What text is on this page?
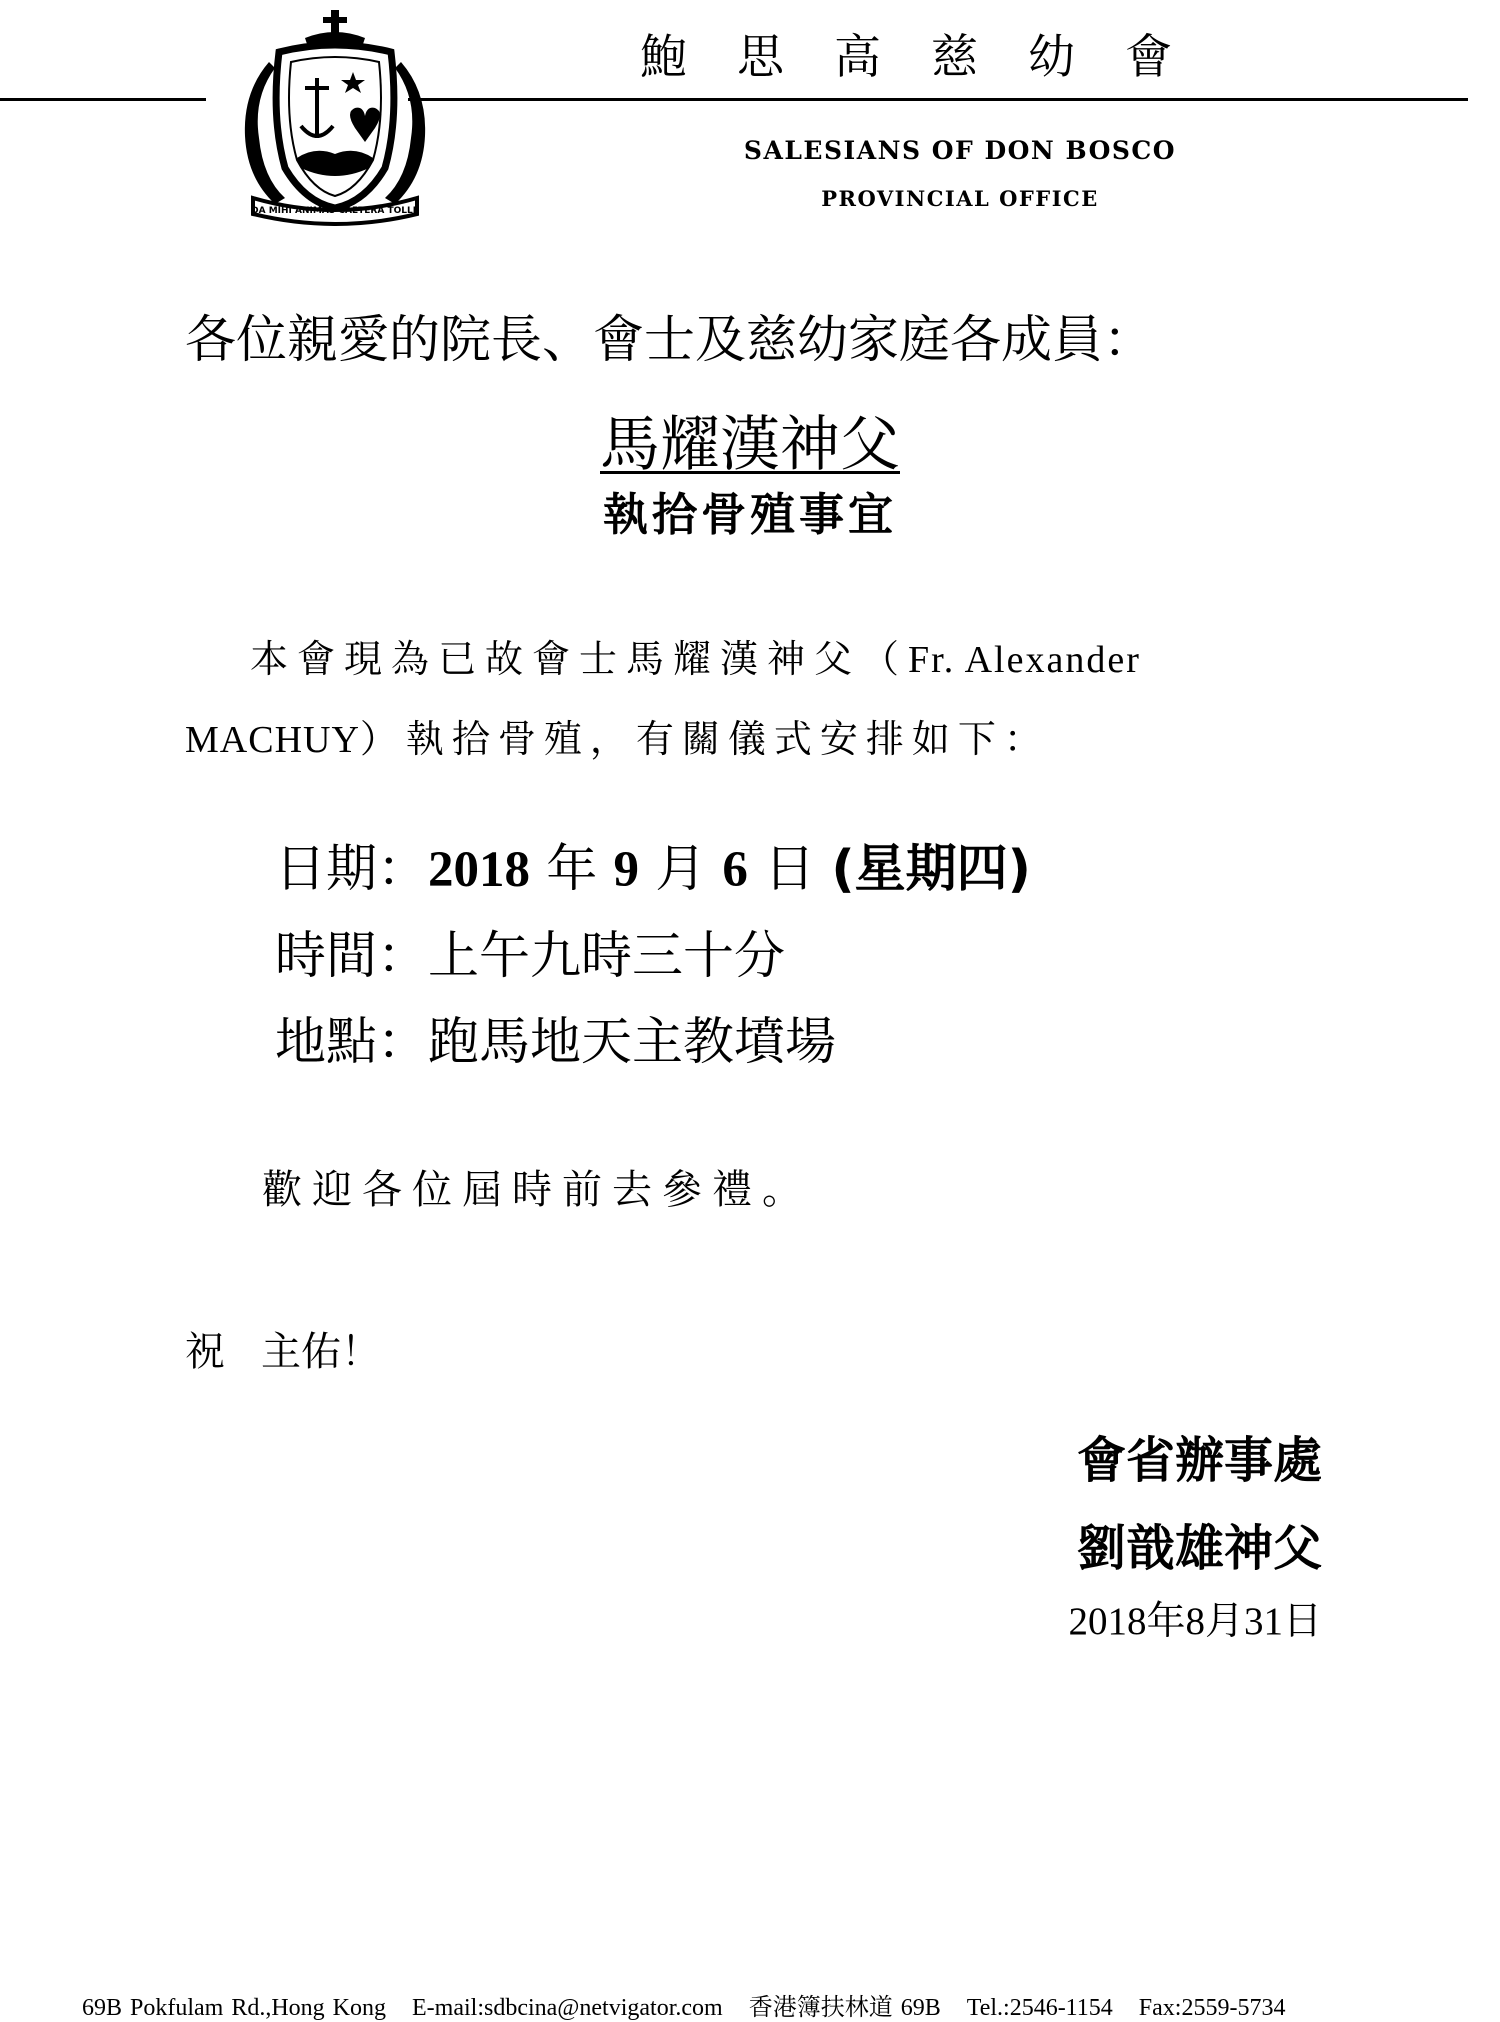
DA MIHI ANIMAS CAETERA TOLLE
鮑思高慈幼會
SALESIANS OF DON BOSCO
PROVINCIAL OFFICE
各位親愛的院長、會士及慈幼家庭各成員：
馬耀漢神父
執拾骨殖事宜
本會現為已故會士馬耀漢神父（Fr. Alexander
MACHUY）執拾骨殖，有關儀式安排如下：
日期：2018 年 9 月 6 日 (星期四)
時間：上午九時三十分
地點：跑馬地天主教墳場
歡迎各位屆時前去參禮。
祝 主佑！
會省辦事處
劉戠雄神父
2018年8月31日
69B Pokfulam Rd.,Hong Kong E-mail:sdbcina@netvigator.com 香港簿扶林道 69B Tel.:2546-1154 Fax:2559-5734
